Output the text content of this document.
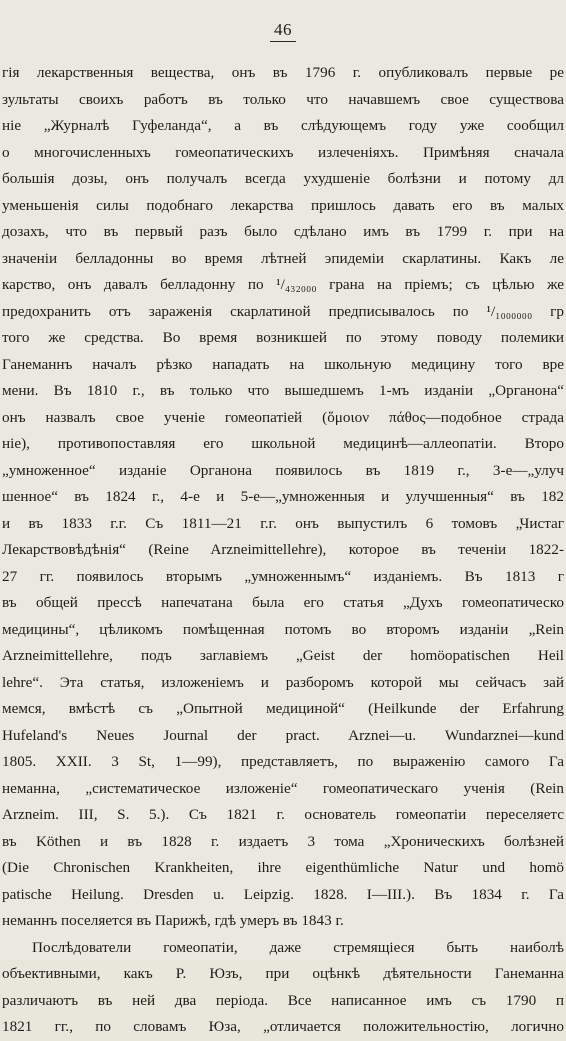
46
гія лекарственныя вещества, онъ въ 1796 г. опубликовалъ первые ре
зультаты своихъ работъ въ только что начавшемъ свое существова
ніе „Журналѣ Гуфеланда“, а въ слѣдующемъ году уже сообщил
о многочисленныхъ гомеопатическихъ излеченіяхъ. Примѣняя сначала
большія дозы, онъ получалъ всегда ухудшеніе болѣзни и потому дл
уменьшенія силы подобнаго лекарства пришлось давать его въ малых
дозахъ, что въ первый разъ было сдѣлано имъ въ 1799 г. при на
значеніи белладонны во время лѣтней эпидеміи скарлатины. Какъ ле
карство, онъ давалъ белладонну по ¹/₄₃₂₀₀₀ грана на пріемъ; съ цѣлью же
предохранить отъ зараженія скарлатиной предписывалось по ¹/₁₀₀₀₀₀₀ гр
того же средства. Во время возникшей по этому поводу полемики
Ганеманнъ началъ рѣзко нападать на школьную медицину того вре
мени. Въ 1810 г., въ только что вышедшемъ 1-мъ изданіи „Органона“
онъ назвалъ свое ученіе гомеопатіей (ὅμοιον πάθος—подобное страда
ніе), противопоставляя его школьной медицинѣ—аллеопатіи. Второ
„умноженное“ изданіе Органона появилось въ 1819 г., 3-е—„улуч
шенное“ въ 1824 г., 4-е и 5-е—„умноженныя и улучшенныя“ въ 182
и въ 1833 г.г. Съ 1811—21 г.г. онъ выпустилъ 6 томовъ „Чистаг
Лекарствовѣдѣнія“ (Reine Arzneimittellehre), которое въ теченіи 1822-
27 гг. появилось вторымъ „умноженнымъ“ изданіемъ. Въ 1813 г
въ общей прессѣ напечатана была его статья „Духъ гомеопатическо
медицины“, цѣликомъ помѣщенная потомъ во второмъ изданіи „Rein
Arzneimittellehre, подъ заглавіемъ „Geist der homöopatischen Heil
lehre“. Эта статья, изложеніемъ и разборомъ которой мы сейчасъ зай
мемся, вмѣстѣ съ „Опытной медициной“ (Heilkunde der Erfahrung
Hufeland's Neues Journal der pract. Arznei—u. Wundarznei—kund
1805. XXII. 3 St, 1—99), представляетъ, по выраженію самого Га
неманна, „систематическое изложеніе“ гомеопатическаго ученія (Rein
Arzneim. III, S. 5.). Съ 1821 г. основатель гомеопатіи переселяетс
въ Köthen и въ 1828 г. издаетъ 3 тома „Хроническихъ болѣзней
(Die Chronischen Krankheiten, ihre eigenthümliche Natur und homö
patische Heilung. Dresden u. Leipzig. 1828. I—III.). Въ 1834 г. Га
неманнъ поселяется въ Парижѣ, гдѣ умеръ въ 1843 г.
Послѣдователи гомеопатіи, даже стремящіеся быть наиболѣ
объективными, какъ P. Юзъ, при оцѣнкѣ дѣятельности Ганеманна
различаютъ въ ней два періода. Все написанное имъ съ 1790 п
1821 гг., по словамъ Юза, „отличается положительностію, логично
